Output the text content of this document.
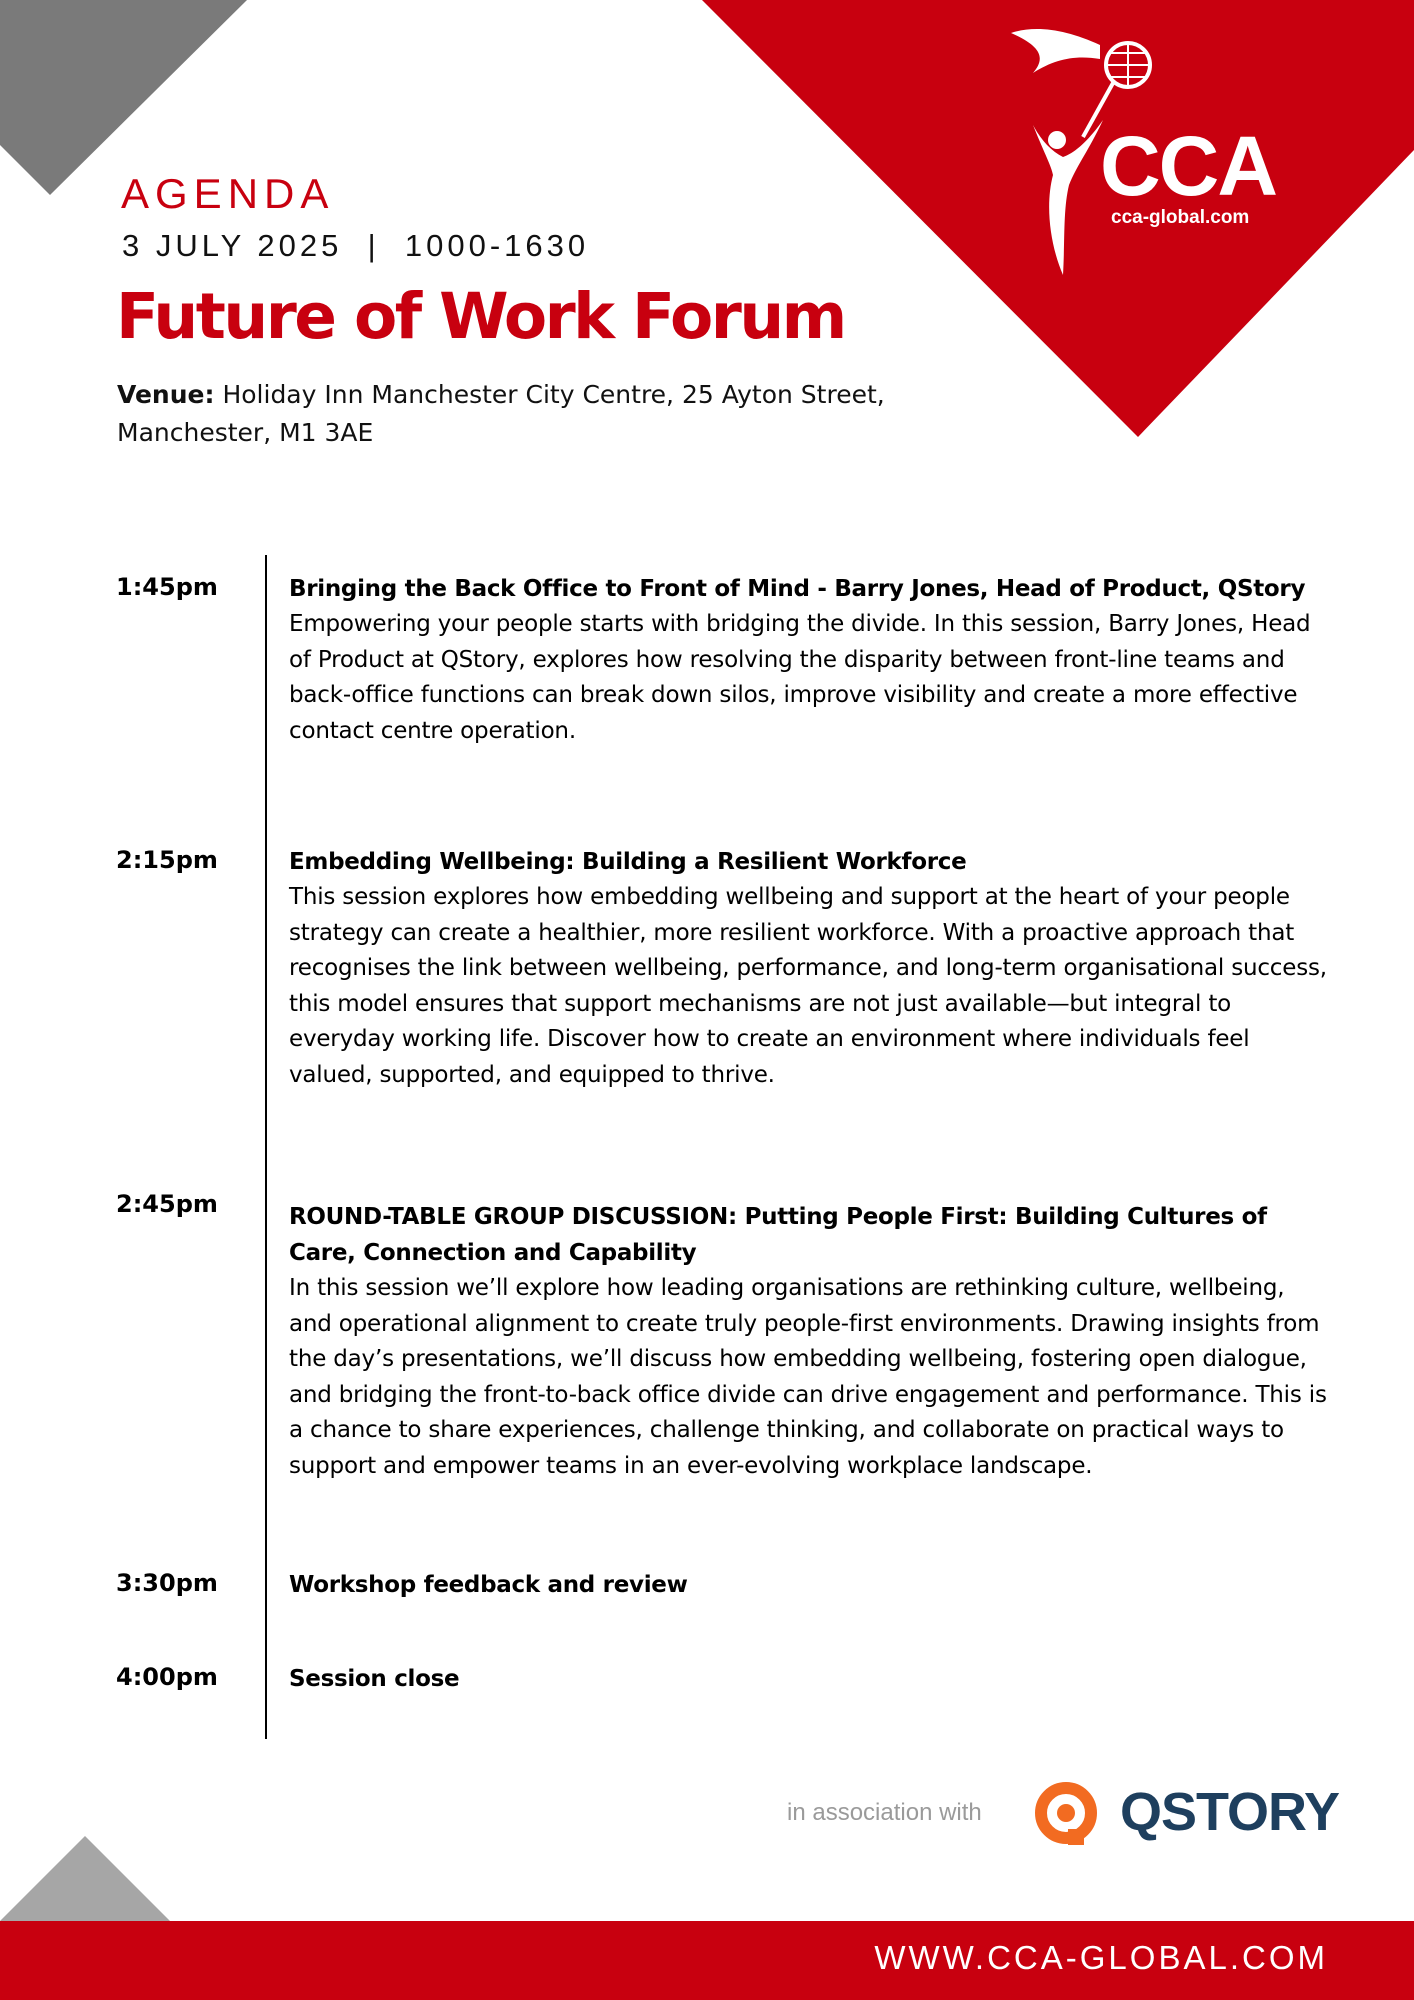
CCA
cca-global.com
AGENDA
3 JULY 2025  |  1000-1630
Future of Work Forum
Venue: Holiday Inn Manchester City Centre, 25 Ayton Street, Manchester, M1 3AE
1:45pm	Bringing the Back Office to Front of Mind - Barry Jones, Head of Product, QStory
Empowering your people starts with bridging the divide. In this session, Barry Jones, Head of Product at QStory, explores how resolving the disparity between front-line teams and back-office functions can break down silos, improve visibility and create a more effective contact centre operation.
2:15pm	Embedding Wellbeing: Building a Resilient Workforce
This session explores how embedding wellbeing and support at the heart of your people strategy can create a healthier, more resilient workforce. With a proactive approach that recognises the link between wellbeing, performance, and long-term organisational success, this model ensures that support mechanisms are not just available—but integral to everyday working life. Discover how to create an environment where individuals feel valued, supported, and equipped to thrive.
2:45pm	ROUND-TABLE GROUP DISCUSSION: Putting People First: Building Cultures of Care, Connection and Capability
In this session we’ll explore how leading organisations are rethinking culture, wellbeing, and operational alignment to create truly people-first environments. Drawing insights from the day’s presentations, we’ll discuss how embedding wellbeing, fostering open dialogue, and bridging the front-to-back office divide can drive engagement and performance. This is a chance to share experiences, challenge thinking, and collaborate on practical ways to support and empower teams in an ever-evolving workplace landscape.
3:30pm	Workshop feedback and review
4:00pm	Session close
in association with	QSTORY
WWW.CCA-GLOBAL.COM
